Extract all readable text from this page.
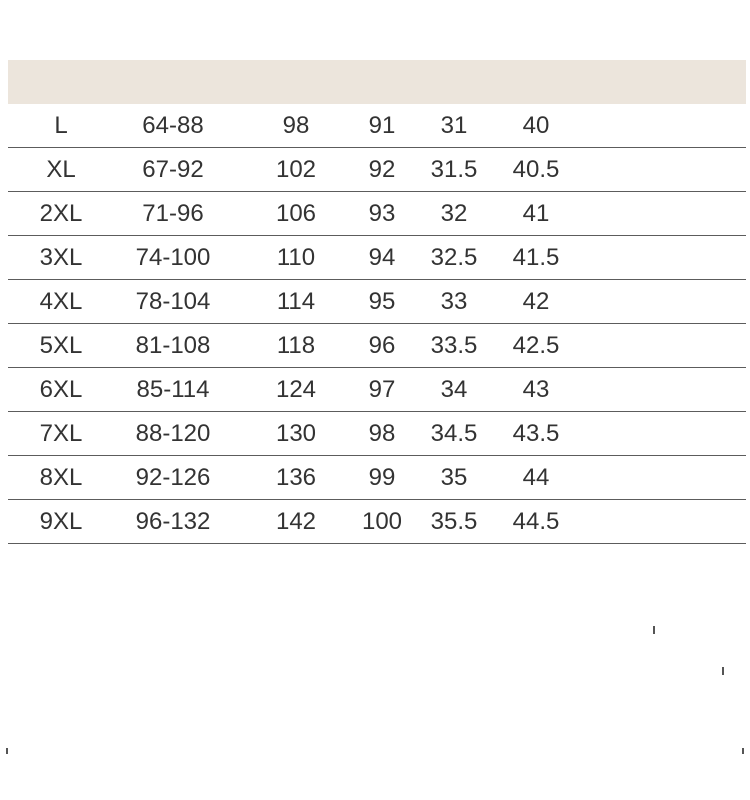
L	64-88	98	91	31	40
XL	67-92	102	92	31.5	40.5
2XL	71-96	106	93	32	41
3XL	74-100	110	94	32.5	41.5
4XL	78-104	114	95	33	42
5XL	81-108	118	96	33.5	42.5
6XL	85-114	124	97	34	43
7XL	88-120	130	98	34.5	43.5
8XL	92-126	136	99	35	44
9XL	96-132	142	100	35.5	44.5
